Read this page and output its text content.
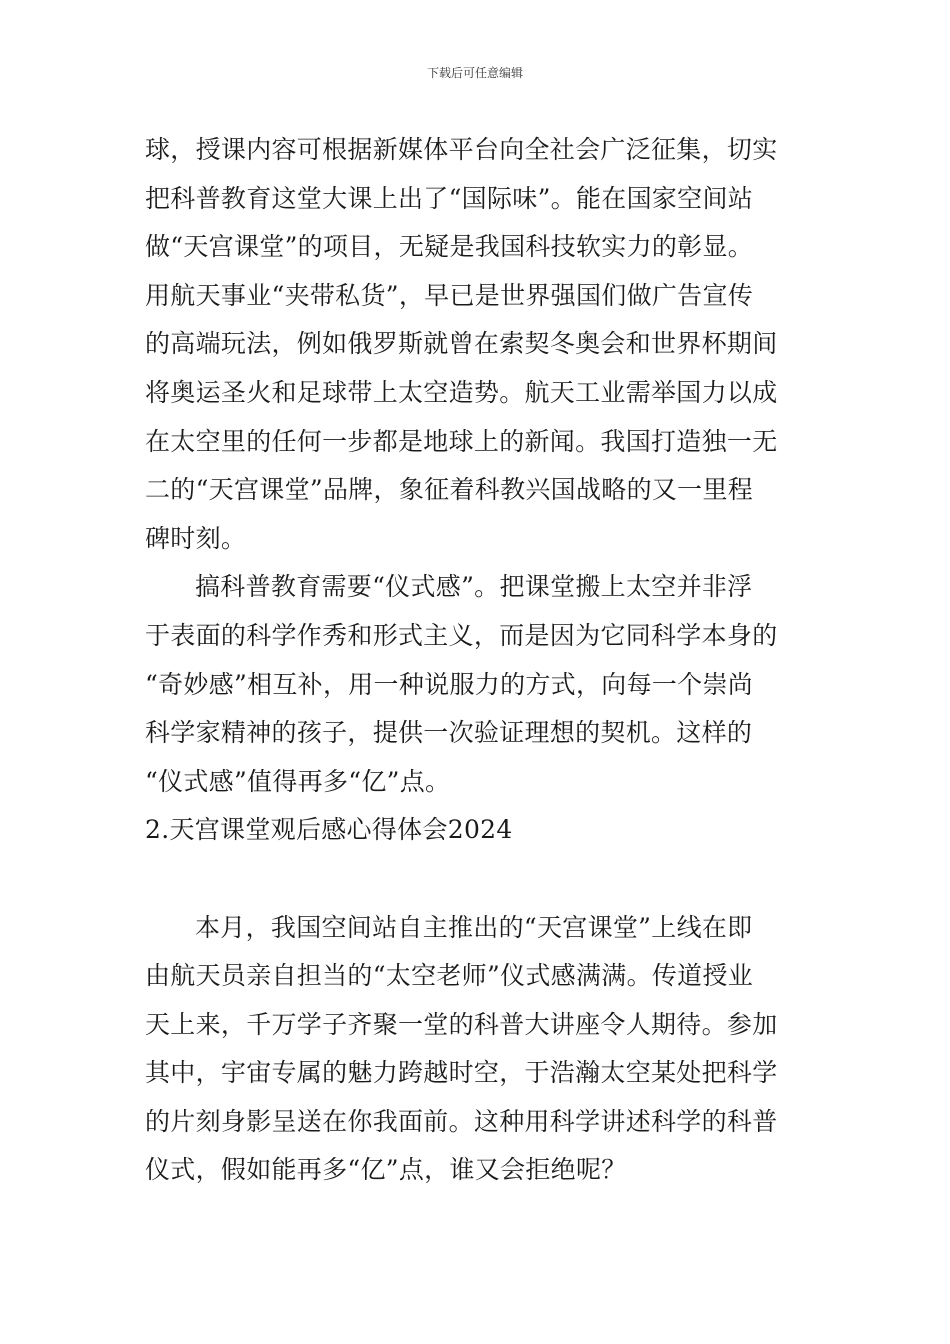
下载后可任意编辑
球，授课内容可根据新媒体平台向全社会广泛征集，切实
把科普教育这堂大课上出了“国际味”。能在国家空间站
做“天宫课堂”的项目，无疑是我国科技软实力的彰显。
用航天事业“夹带私货”，早已是世界强国们做广告宣传
的高端玩法，例如俄罗斯就曾在索契冬奥会和世界杯期间
将奥运圣火和足球带上太空造势。航天工业需举国力以成
在太空里的任何一步都是地球上的新闻。我国打造独一无
二的“天宫课堂”品牌，象征着科教兴国战略的又一里程
碑时刻。
搞科普教育需要“仪式感”。把课堂搬上太空并非浮
于表面的科学作秀和形式主义，而是因为它同科学本身的
“奇妙感”相互补，用一种说服力的方式，向每一个崇尚
科学家精神的孩子，提供一次验证理想的契机。这样的
“仪式感”值得再多“亿”点。
2.天宫课堂观后感心得体会2024
本月，我国空间站自主推出的“天宫课堂”上线在即
由航天员亲自担当的“太空老师”仪式感满满。传道授业
天上来，千万学子齐聚一堂的科普大讲座令人期待。参加
其中，宇宙专属的魅力跨越时空，于浩瀚太空某处把科学
的片刻身影呈送在你我面前。这种用科学讲述科学的科普
仪式，假如能再多“亿”点，谁又会拒绝呢？
